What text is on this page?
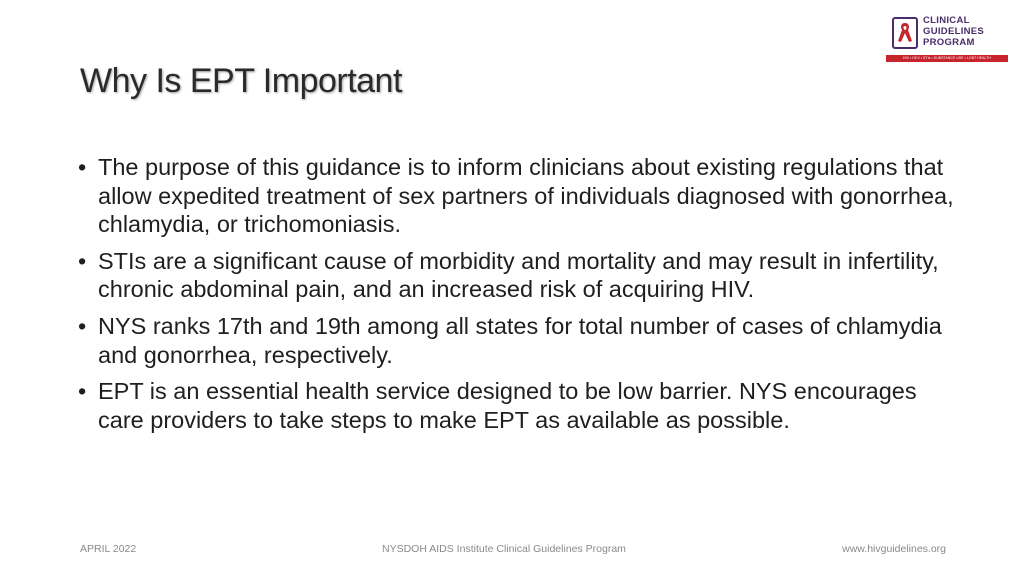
Why Is EPT Important
CLINICAL
GUIDELINES
PROGRAM
HIV • HCV • STIs • SUBSTANCE USE • LGBT HEALTH
• The purpose of this guidance is to inform clinicians about existing regulations that allow expedited treatment of sex partners of individuals diagnosed with gonorrhea, chlamydia, or trichomoniasis.
• STIs are a significant cause of morbidity and mortality and may result in infertility, chronic abdominal pain, and an increased risk of acquiring HIV.
• NYS ranks 17th and 19th among all states for total number of cases of chlamydia and gonorrhea, respectively.
• EPT is an essential health service designed to be low barrier. NYS encourages care providers to take steps to make EPT as available as possible.
APRIL 2022	NYSDOH AIDS Institute Clinical Guidelines Program	www.hivguidelines.org
